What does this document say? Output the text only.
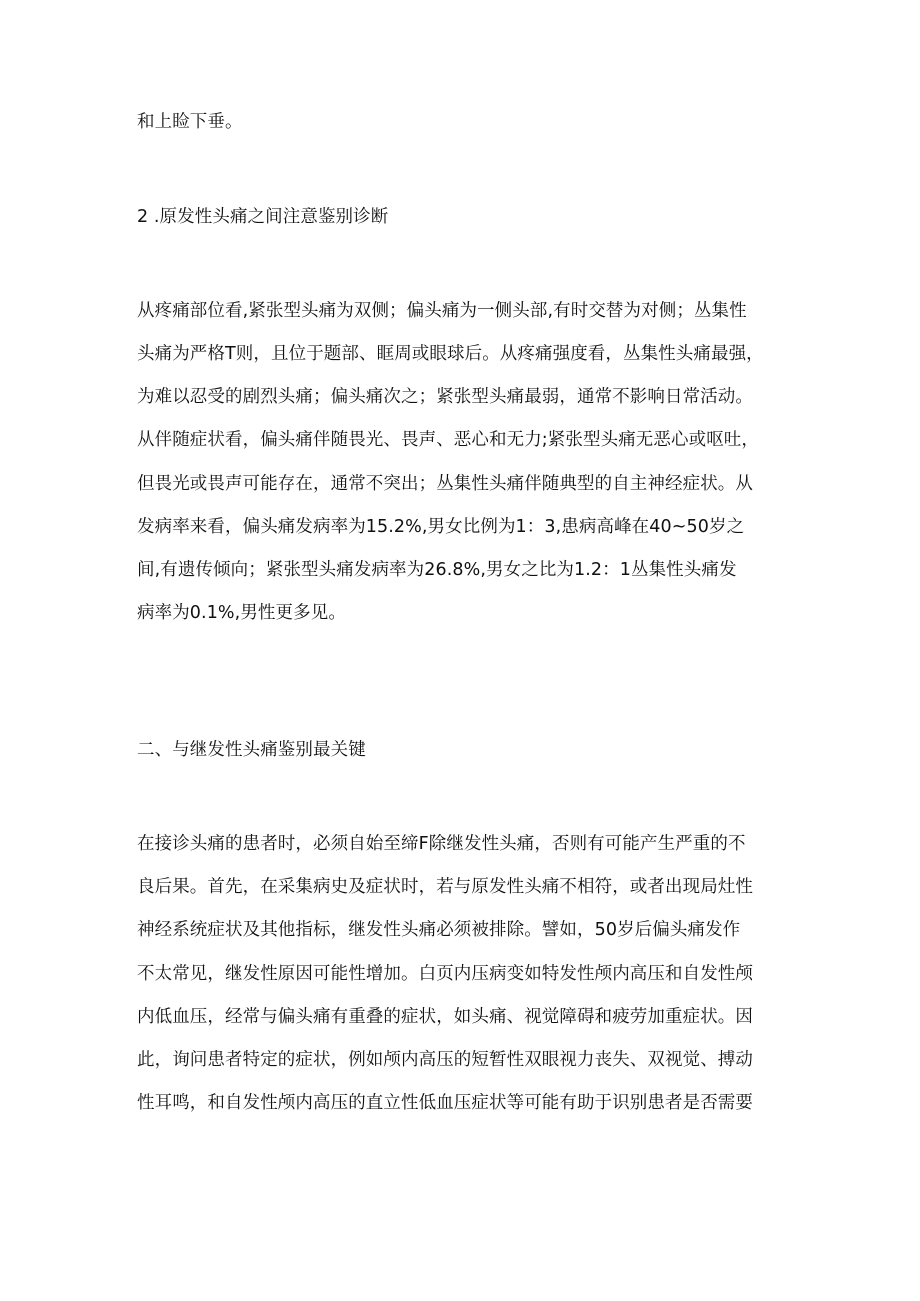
和上睑下垂。
2 .原发性头痛之间注意鉴别诊断
从疼痛部位看,紧张型头痛为双侧；偏头痛为一侧头部,有时交替为对侧；丛集性
头痛为严格T则，且位于题部、眶周或眼球后。从疼痛强度看，丛集性头痛最强，
为难以忍受的剧烈头痛；偏头痛次之；紧张型头痛最弱，通常不影响日常活动。
从伴随症状看，偏头痛伴随畏光、畏声、恶心和无力;紧张型头痛无恶心或呕吐，
但畏光或畏声可能存在，通常不突出；丛集性头痛伴随典型的自主神经症状。从
发病率来看，偏头痛发病率为15.2%,男女比例为1：3,患病高峰在40~50岁之
间,有遗传倾向；紧张型头痛发病率为26.8%,男女之比为1.2：1丛集性头痛发
病率为0.1%,男性更多见。
二、与继发性头痛鉴别最关键
在接诊头痛的患者时，必须自始至缔F除继发性头痛，否则有可能产生严重的不
良后果。首先，在采集病史及症状时，若与原发性头痛不相符，或者出现局灶性
神经系统症状及其他指标，继发性头痛必须被排除。譬如，50岁后偏头痛发作
不太常见，继发性原因可能性增加。白页内压病变如特发性颅内高压和自发性颅
内低血压，经常与偏头痛有重叠的症状，如头痛、视觉障碍和疲劳加重症状。因
此，询问患者特定的症状，例如颅内高压的短暂性双眼视力丧失、双视觉、搏动
性耳鸣，和自发性颅内高压的直立性低血压症状等可能有助于识别患者是否需要
